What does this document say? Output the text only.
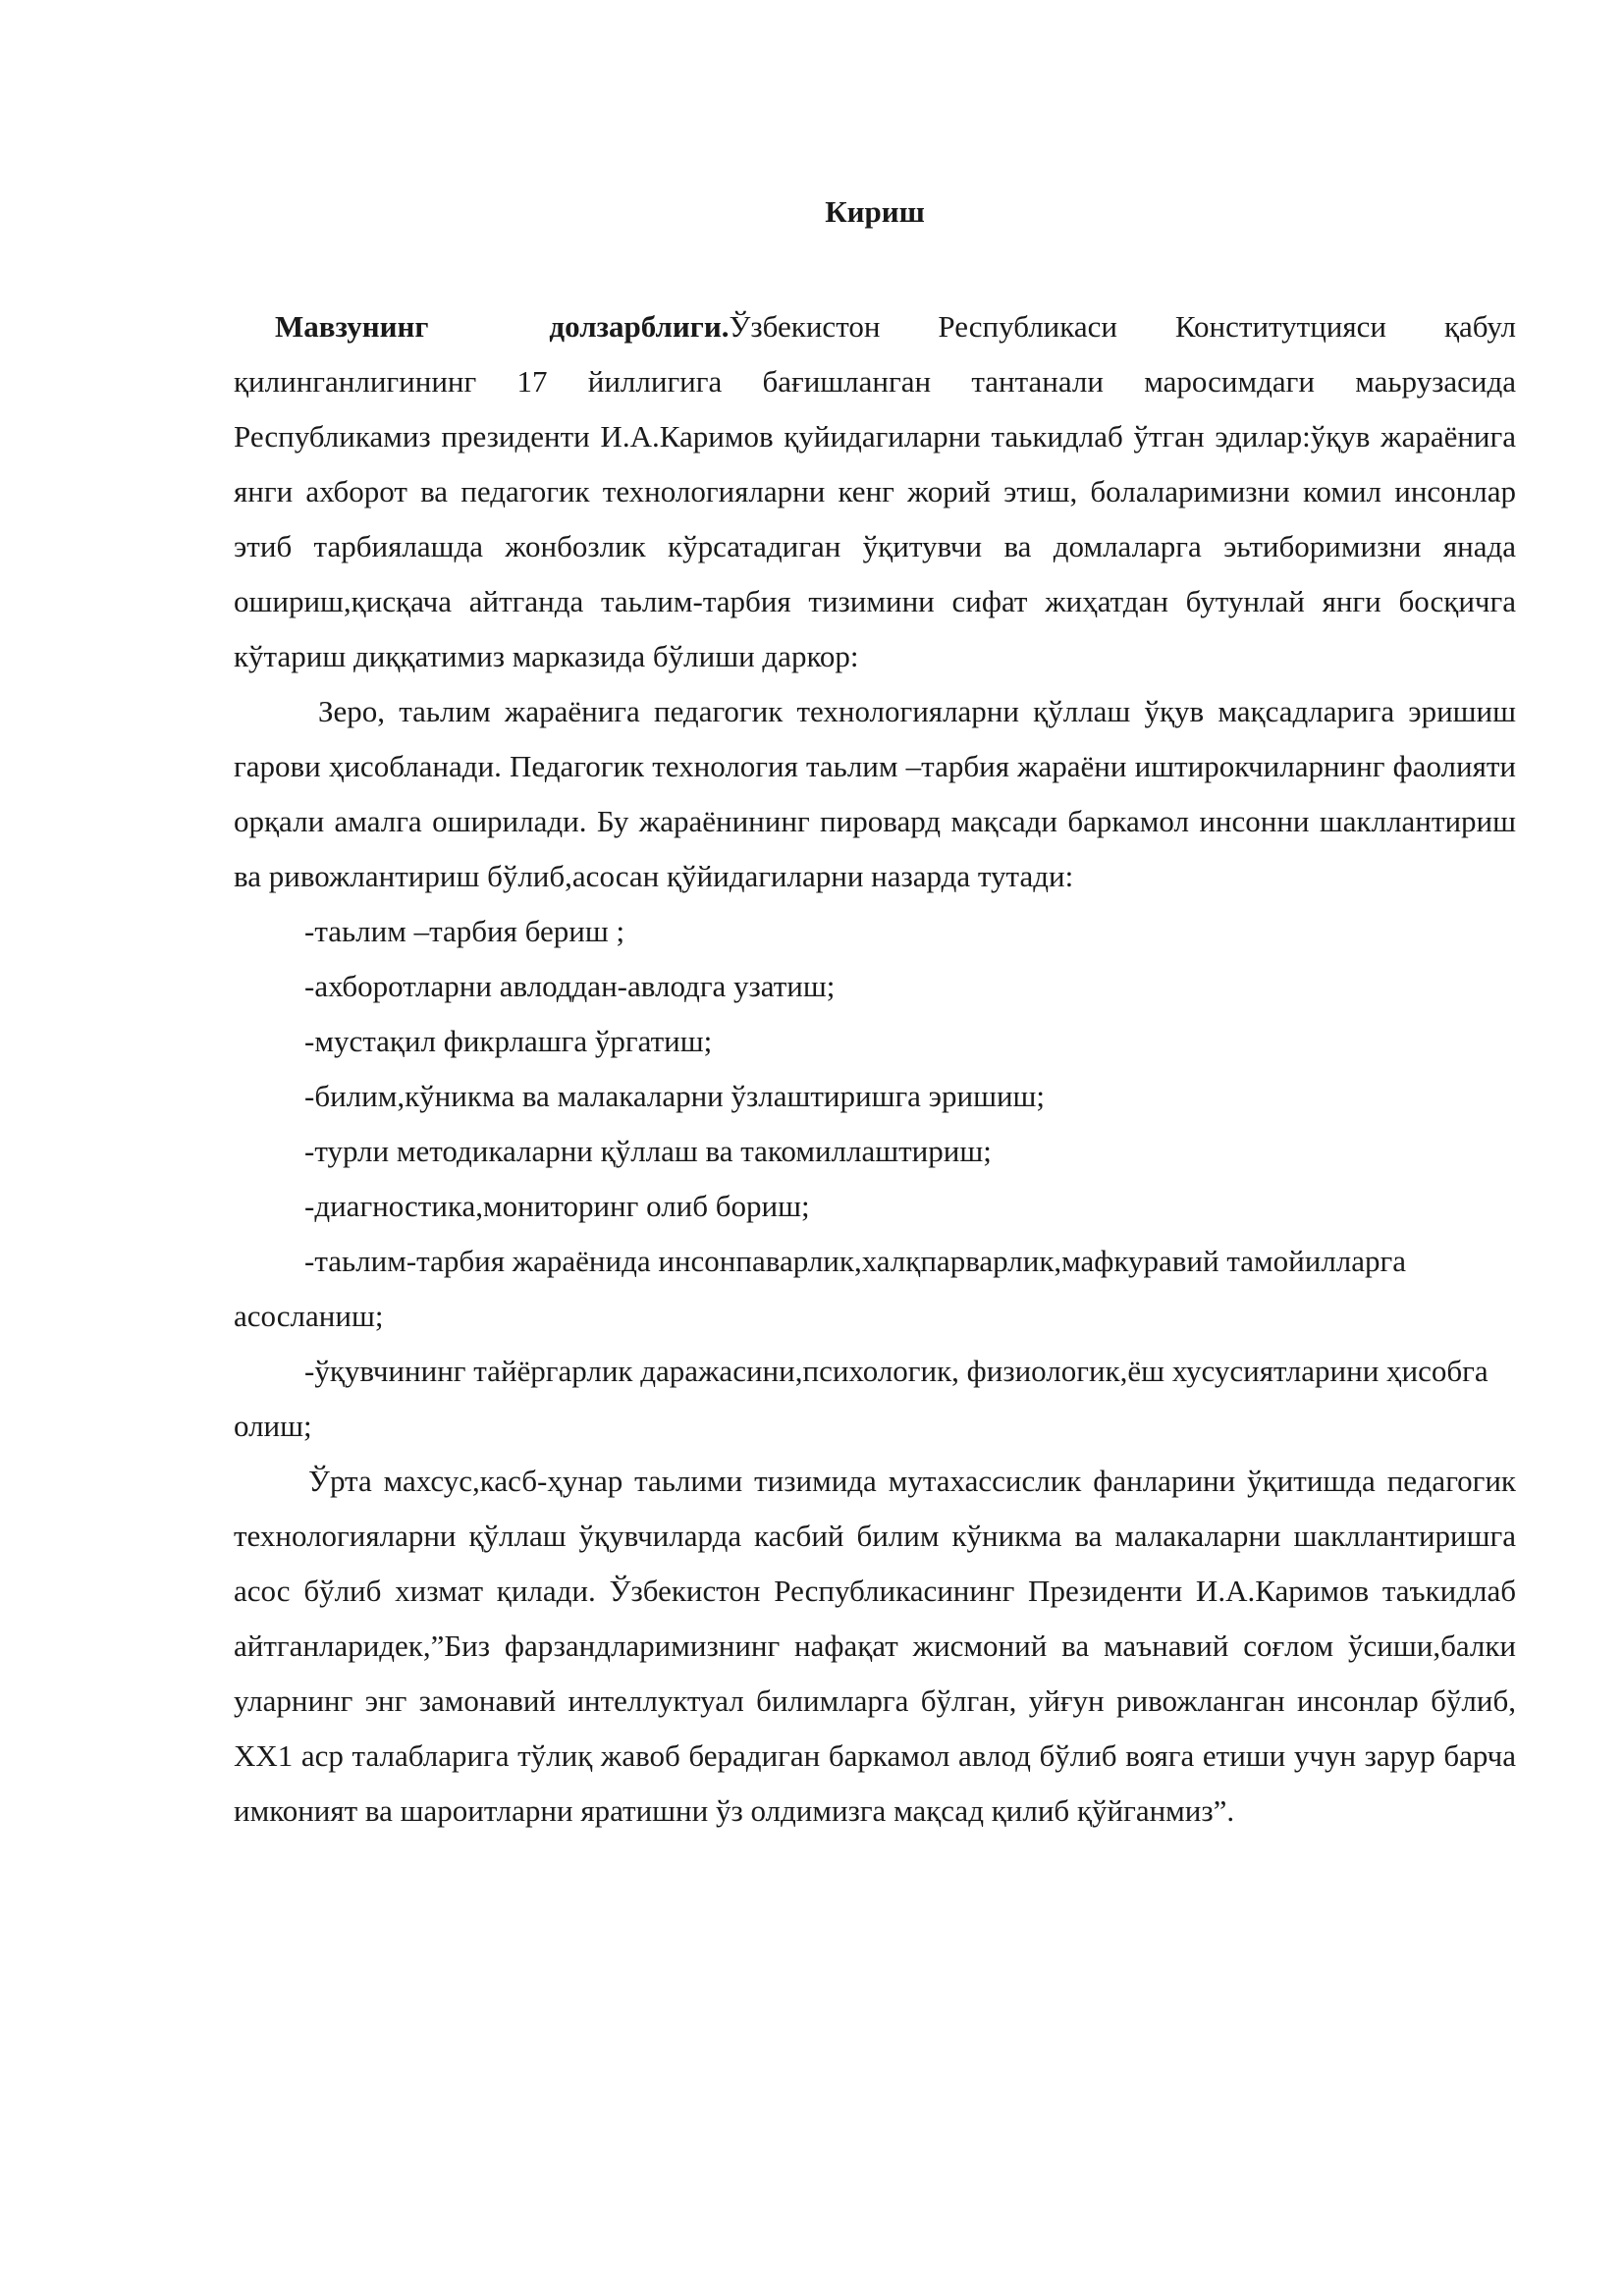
Кириш

Мавзунинг долзарблиги.Ўзбекистон Республикаси Конститутцияси қабул қилинганлигининг 17 йиллигига бағишланган тантанали маросимдаги маьрузасида Республикамиз президенти И.А.Каримов қуйидагиларни таькидлаб ўтган эдилар:ўқув жараёнига янги ахборот ва педагогик технологияларни кенг жорий этиш, болаларимизни комил инсонлар этиб тарбиялашда жонбозлик кўрсатадиган ўқитувчи ва домлаларга эьтиборимизни янада ошириш,қисқача айтганда таьлим-тарбия тизимини сифат жиҳатдан бутунлай янги босқичга кўтариш диққатимиз марказида бўлиши даркор:

Зеро, таьлим жараёнига педагогик технологияларни қўллаш ўқув мақсадларига эришиш гарови ҳисобланади. Педагогик технология таьлим –тарбия жараёни иштирокчиларнинг фаолияти орқали амалга оширилади. Бу жараёнининг пировард мақсади баркамол инсонни шакллантириш ва ривожлантириш бўлиб,асосан қўйидагиларни назарда тутади:

-таьлим –тарбия бериш ;

-ахборотларни авлоддан-авлодга узатиш;

-мустақил фикрлашга ўргатиш;

-билим,кўникма ва малакаларни ўзлаштиришга эришиш;

-турли методикаларни қўллаш ва такомиллаштириш;

-диагностика,мониторинг олиб бориш;

-таьлим-тарбия жараёнида инсонпаварлик,халқпарварлик,мафкуравий тамойилларга асосланиш;

-ўқувчининг тайёргарлик даражасини,психологик, физиологик,ёш хусусиятларини ҳисобга олиш;

Ўрта махсус,касб-ҳунар таьлими тизимида мутахассислик фанларини ўқитишда педагогик технологияларни қўллаш ўқувчиларда касбий билим кўникма ва малакаларни шакллантиришга асос бўлиб хизмат қилади. Ўзбекистон Республикасининг Президенти И.А.Каримов таъкидлаб айтганларидек,”Биз фарзандларимизнинг нафақат жисмоний ва маънавий соғлом ўсиши,балки уларнинг энг замонавий интеллуктуал билимларга бўлган, уйғун ривожланган инсонлар бўлиб, XX1 аср талабларига тўлиқ жавоб берадиган баркамол авлод бўлиб вояга етиши учун зарур барча имконият ва шароитларни яратишни ўз олдимизга мақсад қилиб қўйганмиз”.
